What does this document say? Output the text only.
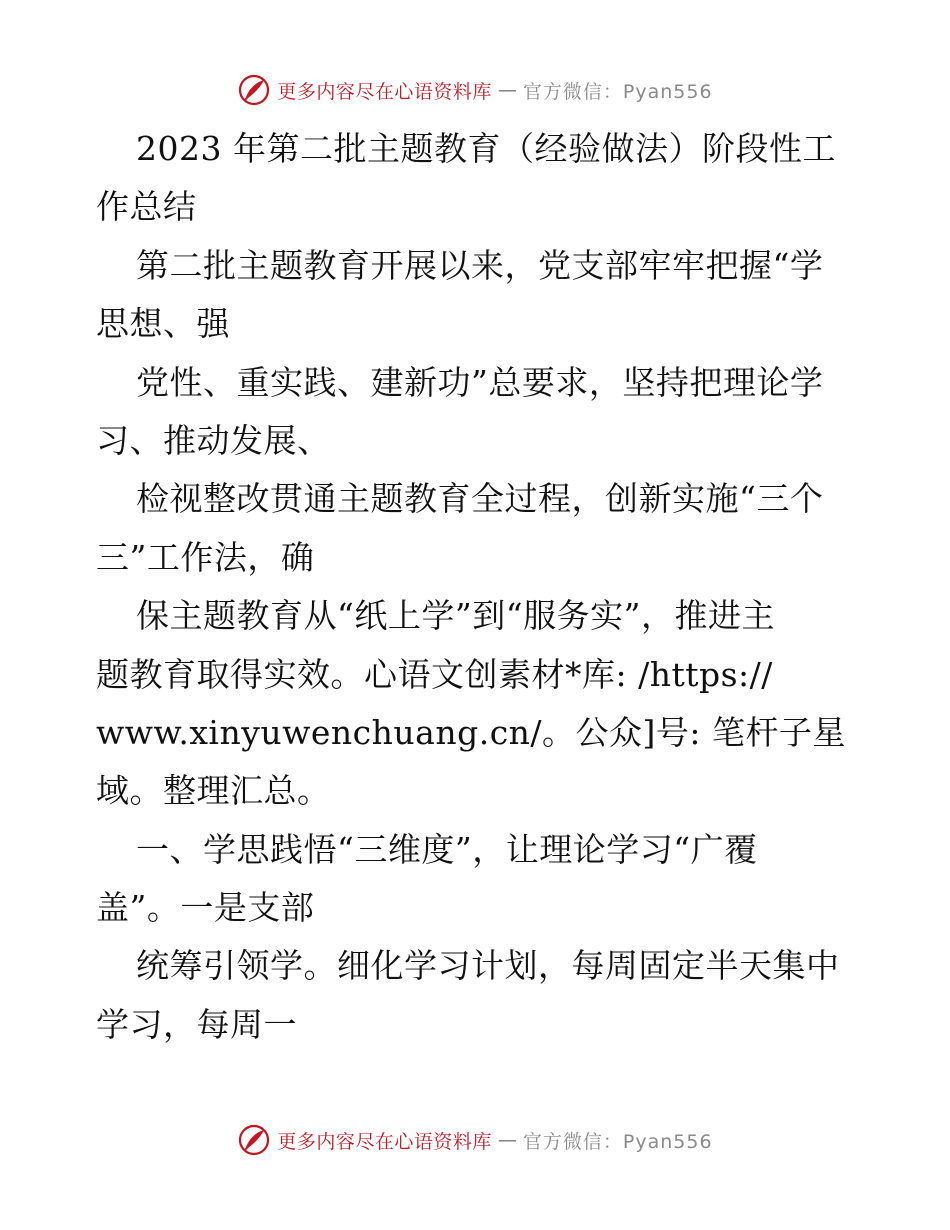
更多内容尽在心语资料库 — 官方微信：Pyan556
2023 年第二批主题教育（经验做法）阶段性工
作总结
第二批主题教育开展以来，党支部牢牢把握“学
思想、强
党性、重实践、建新功”总要求，坚持把理论学
习、推动发展、
检视整改贯通主题教育全过程，创新实施“三个
三”工作法，确
保主题教育从“纸上学”到“服务实”，推进主
题教育取得实效。心语文创素材*库: /https://
www.xinyuwenchuang.cn/。公众]号: 笔杆子星
域。整理汇总。
一、学思践悟“三维度”，让理论学习“广覆
盖”。一是支部
统筹引领学。细化学习计划，每周固定半天集中
学习，每周一
更多内容尽在心语资料库 — 官方微信：Pyan556
